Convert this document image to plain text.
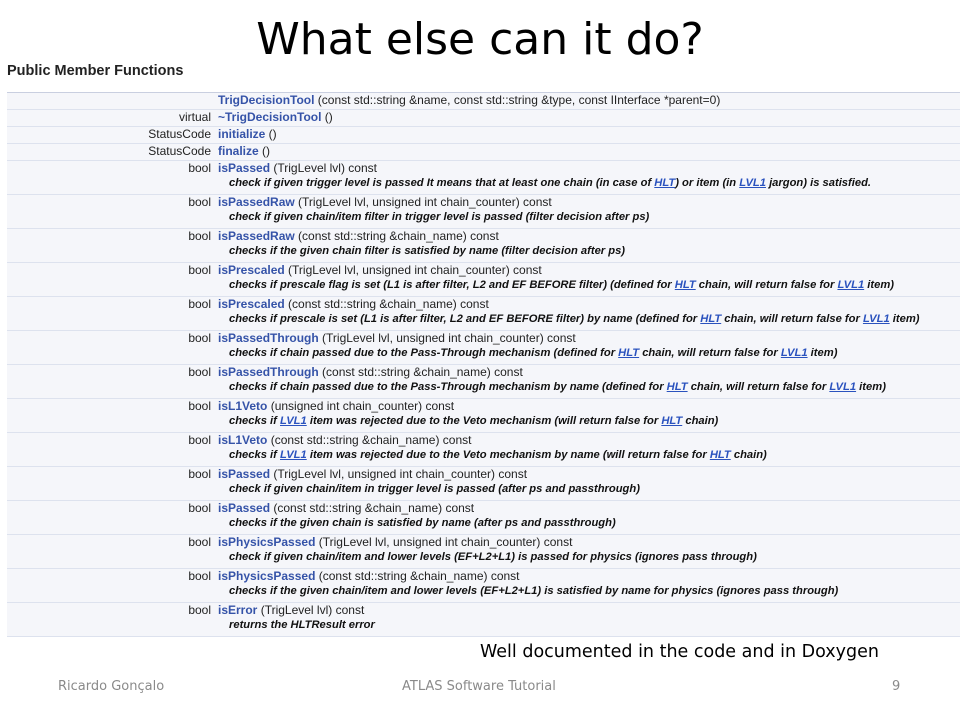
What else can it do?
Public Member Functions
TrigDecisionTool (const std::string &name, const std::string &type, const IInterface *parent=0)
virtual ~TrigDecisionTool ()
StatusCode initialize ()
StatusCode finalize ()
bool isPassed (TrigLevel lvl) const
check if given trigger level is passed It means that at least one chain (in case of HLT) or item (in LVL1 jargon) is satisfied.
bool isPassedRaw (TrigLevel lvl, unsigned int chain_counter) const
check if given chain/item filter in trigger level is passed (filter decision after ps)
bool isPassedRaw (const std::string &chain_name) const
checks if the given chain filter is satisfied by name (filter decision after ps)
bool isPrescaled (TrigLevel lvl, unsigned int chain_counter) const
checks if prescale flag is set (L1 is after filter, L2 and EF BEFORE filter) (defined for HLT chain, will return false for LVL1 item)
bool isPrescaled (const std::string &chain_name) const
checks if prescale is set (L1 is after filter, L2 and EF BEFORE filter) by name (defined for HLT chain, will return false for LVL1 item)
bool isPassedThrough (TrigLevel lvl, unsigned int chain_counter) const
checks if chain passed due to the Pass-Through mechanism (defined for HLT chain, will return false for LVL1 item)
bool isPassedThrough (const std::string &chain_name) const
checks if chain passed due to the Pass-Through mechanism by name (defined for HLT chain, will return false for LVL1 item)
bool isL1Veto (unsigned int chain_counter) const
checks if LVL1 item was rejected due to the Veto mechanism (will return false for HLT chain)
bool isL1Veto (const std::string &chain_name) const
checks if LVL1 item was rejected due to the Veto mechanism by name (will return false for HLT chain)
bool isPassed (TrigLevel lvl, unsigned int chain_counter) const
check if given chain/item in trigger level is passed (after ps and passthrough)
bool isPassed (const std::string &chain_name) const
checks if the given chain is satisfied by name (after ps and passthrough)
bool isPhysicsPassed (TrigLevel lvl, unsigned int chain_counter) const
check if given chain/item and lower levels (EF+L2+L1) is passed for physics (ignores pass through)
bool isPhysicsPassed (const std::string &chain_name) const
checks if the given chain/item and lower levels (EF+L2+L1) is satisfied by name for physics (ignores pass through)
bool isError (TrigLevel lvl) const
returns the HLTResult error
Well documented in the code and in Doxygen
Ricardo Gonçalo	ATLAS Software Tutorial	9
